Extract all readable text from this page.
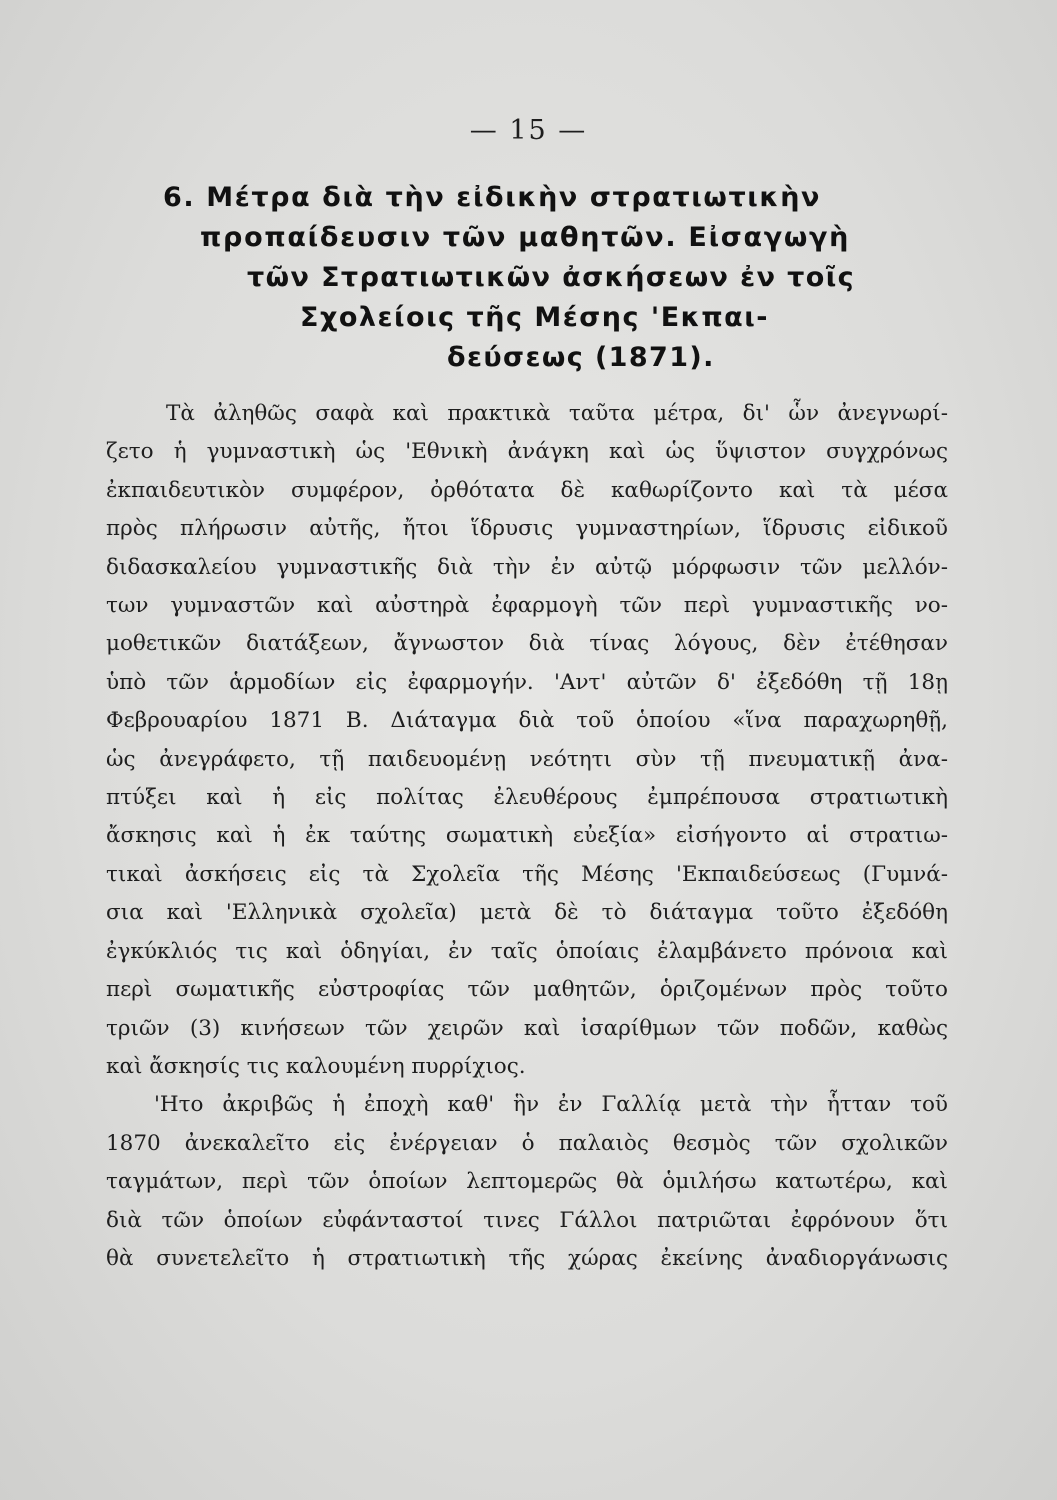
— 15 —
6. Μέτρα διὰ τὴν εἰδικὴν στρατιωτικὴν
προπαίδευσιν τῶν μαθητῶν. Εἰσαγωγὴ
τῶν Στρατιωτικῶν ἀσκήσεων ἐν τοῖς
Σχολείοις τῆς Μέσης 'Εκπαι-
δεύσεως (1871).
Τὰ ἀληθῶς σαφὰ καὶ πρακτικὰ ταῦτα μέτρα, δι' ὧν ἀνεγνωρί-
ζετο ἡ γυμναστικὴ ὡς 'Εθνικὴ ἀνάγκη καὶ ὡς ὕψιστον συγχρόνως
ἐκπαιδευτικὸν συμφέρον, ὀρθότατα δὲ καθωρίζοντο καὶ τὰ μέσα
πρὸς πλήρωσιν αὐτῆς, ἤτοι ἵδρυσις γυμναστηρίων, ἵδρυσις εἰδικοῦ
διδασκαλείου γυμναστικῆς διὰ τὴν ἐν αὐτῷ μόρφωσιν τῶν μελλόν-
των γυμναστῶν καὶ αὐστηρὰ ἐφαρμογὴ τῶν περὶ γυμναστικῆς νο-
μοθετικῶν διατάξεων, ἄγνωστον διὰ τίνας λόγους, δὲν ἐτέθησαν
ὑπὸ τῶν ἁρμοδίων εἰς ἐφαρμογήν. 'Αντ' αὐτῶν δ' ἐξεδόθη τῇ 18ῃ
Φεβρουαρίου 1871 Β. Διάταγμα διὰ τοῦ ὁποίου «ἵνα παραχωρηθῇ,
ὡς ἀνεγράφετο, τῇ παιδευομένῃ νεότητι σὺν τῇ πνευματικῇ ἀνα-
πτύξει καὶ ἡ εἰς πολίτας ἐλευθέρους ἐμπρέπουσα στρατιωτικὴ
ἄσκησις καὶ ἡ ἐκ ταύτης σωματικὴ εὐεξία» εἰσήγοντο αἱ στρατιω-
τικαὶ ἀσκήσεις εἰς τὰ Σχολεῖα τῆς Μέσης 'Εκπαιδεύσεως (Γυμνά-
σια καὶ 'Ελληνικὰ σχολεῖα) μετὰ δὲ τὸ διάταγμα τοῦτο ἐξεδόθη
ἐγκύκλιός τις καὶ ὁδηγίαι, ἐν ταῖς ὁποίαις ἐλαμβάνετο πρόνοια καὶ
περὶ σωματικῆς εὐστροφίας τῶν μαθητῶν, ὁριζομένων πρὸς τοῦτο
τριῶν (3) κινήσεων τῶν χειρῶν καὶ ἰσαρίθμων τῶν ποδῶν, καθὼς
καὶ ἄσκησίς τις καλουμένη πυρρίχιος.
'Ητο ἀκριβῶς ἡ ἐποχὴ καθ' ἣν ἐν Γαλλίᾳ μετὰ τὴν ἧτταν τοῦ
1870 ἀνεκαλεῖτο εἰς ἐνέργειαν ὁ παλαιὸς θεσμὸς τῶν σχολικῶν
ταγμάτων, περὶ τῶν ὁποίων λεπτομερῶς θὰ ὁμιλήσω κατωτέρω, καὶ
διὰ τῶν ὁποίων εὐφάνταστοί τινες Γάλλοι πατριῶται ἐφρόνουν ὅτι
θὰ συνετελεῖτο ἡ στρατιωτικὴ τῆς χώρας ἐκείνης ἀναδιοργάνωσις
